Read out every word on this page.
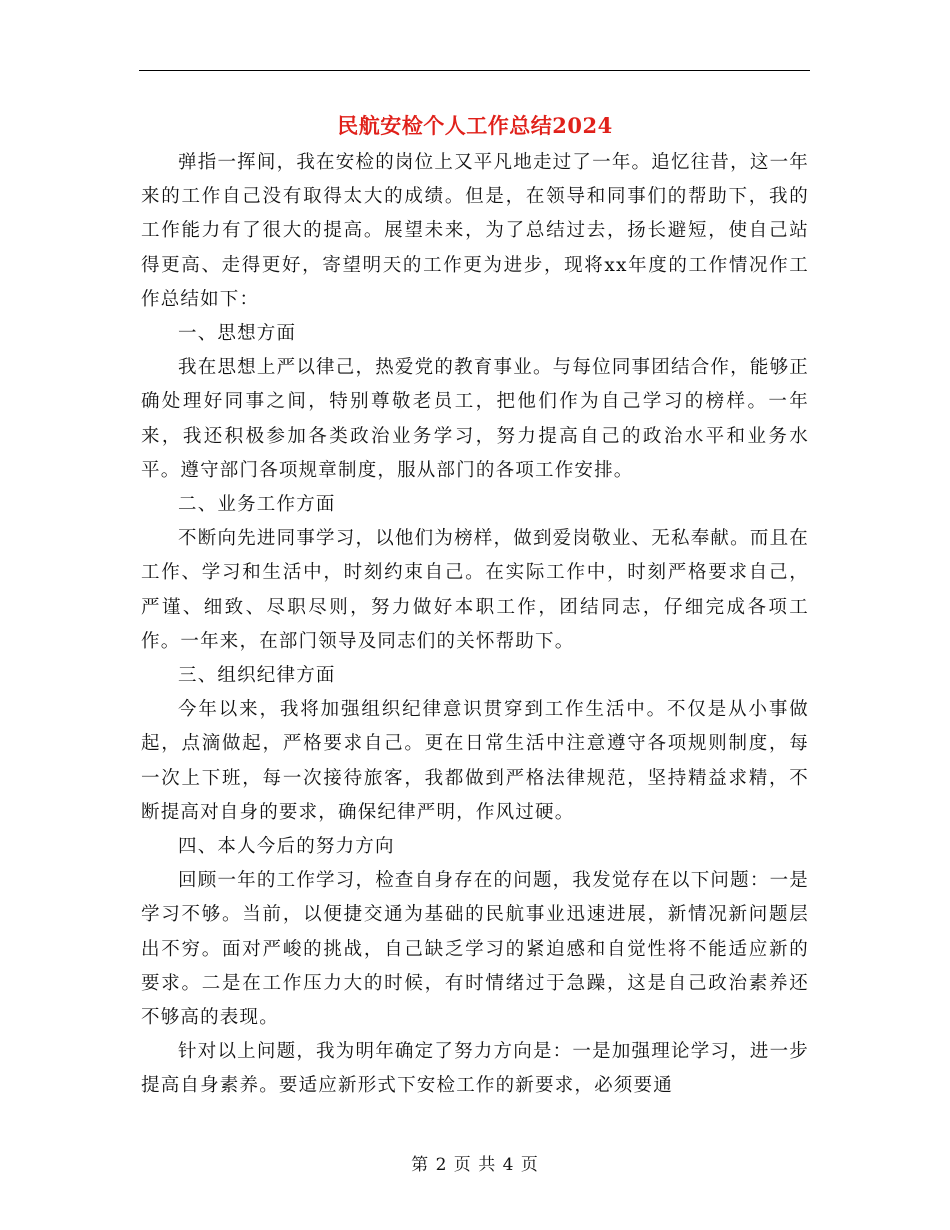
民航安检个人工作总结2024

弹指一挥间，我在安检的岗位上又平凡地走过了一年。追忆往昔，这一年来的工作自己没有取得太大的成绩。但是，在领导和同事们的帮助下，我的工作能力有了很大的提高。展望未来，为了总结过去，扬长避短，使自己站得更高、走得更好，寄望明天的工作更为进步，现将xx年度的工作情况作工作总结如下：

一、思想方面

我在思想上严以律己，热爱党的教育事业。与每位同事团结合作，能够正确处理好同事之间，特别尊敬老员工，把他们作为自己学习的榜样。一年来，我还积极参加各类政治业务学习，努力提高自己的政治水平和业务水平。遵守部门各项规章制度，服从部门的各项工作安排。

二、业务工作方面

不断向先进同事学习，以他们为榜样，做到爱岗敬业、无私奉献。而且在工作、学习和生活中，时刻约束自己。在实际工作中，时刻严格要求自己，严谨、细致、尽职尽则，努力做好本职工作，团结同志，仔细完成各项工作。一年来，在部门领导及同志们的关怀帮助下。

三、组织纪律方面

今年以来，我将加强组织纪律意识贯穿到工作生活中。不仅是从小事做起，点滴做起，严格要求自己。更在日常生活中注意遵守各项规则制度，每一次上下班，每一次接待旅客，我都做到严格法律规范，坚持精益求精，不断提高对自身的要求，确保纪律严明，作风过硬。

四、本人今后的努力方向

回顾一年的工作学习，检查自身存在的问题，我发觉存在以下问题：一是学习不够。当前，以便捷交通为基础的民航事业迅速进展，新情况新问题层出不穷。面对严峻的挑战，自己缺乏学习的紧迫感和自觉性将不能适应新的要求。二是在工作压力大的时候，有时情绪过于急躁，这是自己政治素养还不够高的表现。

针对以上问题，我为明年确定了努力方向是：一是加强理论学习，进一步提高自身素养。要适应新形式下安检工作的新要求，必须要通

第 2 页 共 4 页
